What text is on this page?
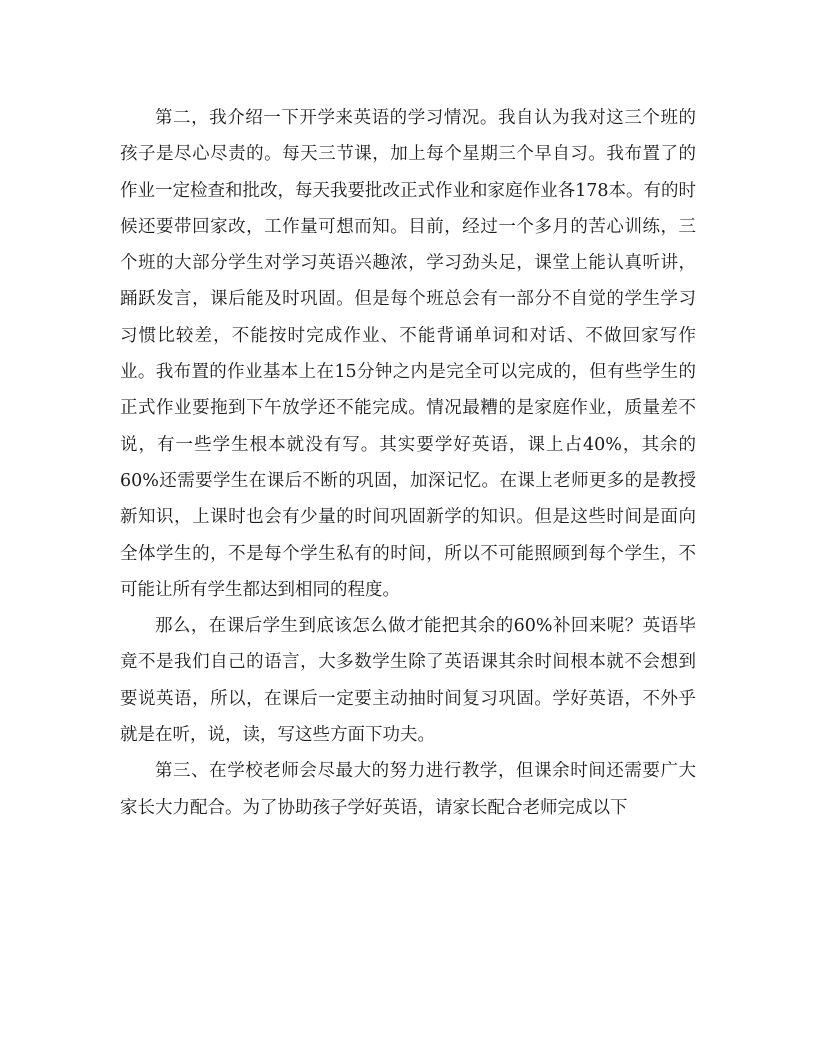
第二，我介绍一下开学来英语的学习情况。我自认为我对这三个班的孩子是尽心尽责的。每天三节课，加上每个星期三个早自习。我布置了的作业一定检查和批改，每天我要批改正式作业和家庭作业各178本。有的时候还要带回家改，工作量可想而知。目前，经过一个多月的苦心训练，三个班的大部分学生对学习英语兴趣浓，学习劲头足，课堂上能认真听讲，踊跃发言，课后能及时巩固。但是每个班总会有一部分不自觉的学生学习习惯比较差，不能按时完成作业、不能背诵单词和对话、不做回家写作业。我布置的作业基本上在15分钟之内是完全可以完成的，但有些学生的正式作业要拖到下午放学还不能完成。情况最糟的是家庭作业，质量差不说，有一些学生根本就没有写。其实要学好英语，课上占40%，其余的60%还需要学生在课后不断的巩固，加深记忆。在课上老师更多的是教授新知识，上课时也会有少量的时间巩固新学的知识。但是这些时间是面向全体学生的，不是每个学生私有的时间，所以不可能照顾到每个学生，不可能让所有学生都达到相同的程度。

那么，在课后学生到底该怎么做才能把其余的60%补回来呢？英语毕竟不是我们自己的语言，大多数学生除了英语课其余时间根本就不会想到要说英语，所以，在课后一定要主动抽时间复习巩固。学好英语，不外乎就是在听，说，读，写这些方面下功夫。

第三、在学校老师会尽最大的努力进行教学，但课余时间还需要广大家长大力配合。为了协助孩子学好英语，请家长配合老师完成以下
